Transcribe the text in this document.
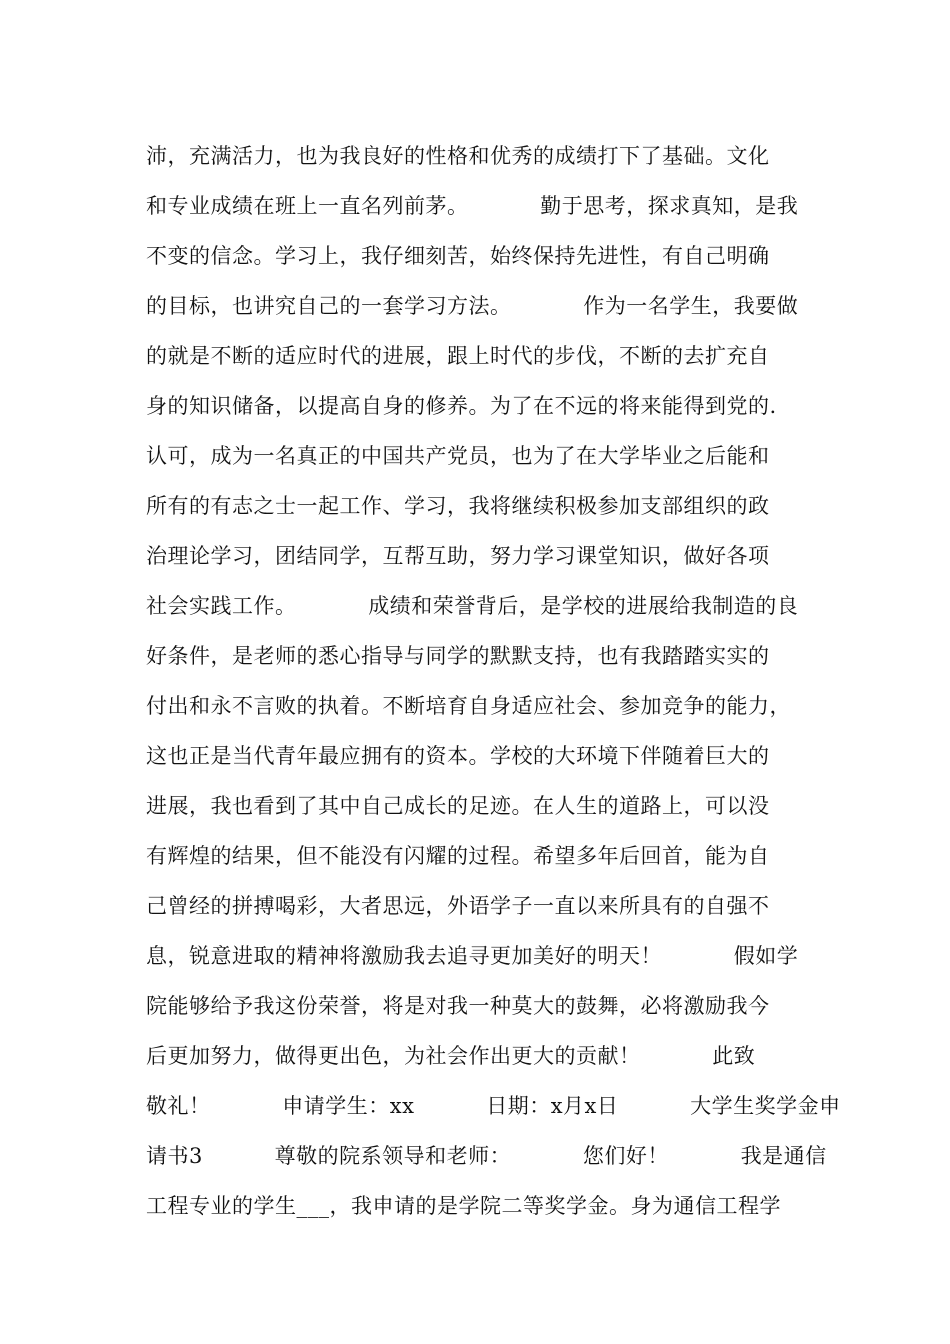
沛，充满活力，也为我良好的性格和优秀的成绩打下了基础。文化
和专业成绩在班上一直名列前茅。          勤于思考，探求真知，是我
不变的信念。学习上，我仔细刻苦，始终保持先进性，有自己明确
的目标，也讲究自己的一套学习方法。          作为一名学生，我要做
的就是不断的适应时代的进展，跟上时代的步伐，不断的去扩充自
身的知识储备，以提高自身的修养。为了在不远的将来能得到党的.
认可，成为一名真正的中国共产党员，也为了在大学毕业之后能和
所有的有志之士一起工作、学习，我将继续积极参加支部组织的政
治理论学习，团结同学，互帮互助，努力学习课堂知识，做好各项
社会实践工作。          成绩和荣誉背后，是学校的进展给我制造的良
好条件，是老师的悉心指导与同学的默默支持，也有我踏踏实实的
付出和永不言败的执着。不断培育自身适应社会、参加竞争的能力，
这也正是当代青年最应拥有的资本。学校的大环境下伴随着巨大的
进展，我也看到了其中自己成长的足迹。在人生的道路上，可以没
有辉煌的结果，但不能没有闪耀的过程。希望多年后回首，能为自
己曾经的拼搏喝彩，大者思远，外语学子一直以来所具有的自强不
息，锐意进取的精神将激励我去追寻更加美好的明天！          假如学
院能够给予我这份荣誉，将是对我一种莫大的鼓舞，必将激励我今
后更加努力，做得更出色，为社会作出更大的贡献！          此致
敬礼！          申请学生：xx          日期：x月x日          大学生奖学金申
请书3          尊敬的院系领导和老师：          您们好！          我是通信
工程专业的学生___，我申请的是学院二等奖学金。身为通信工程学
